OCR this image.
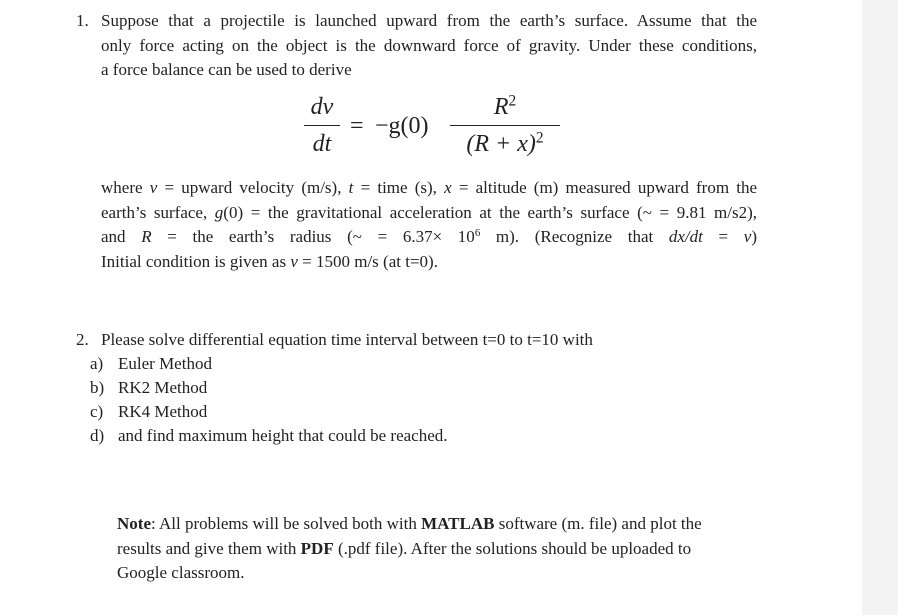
1. Suppose that a projectile is launched upward from the earth’s surface. Assume that the

only force acting on the object is the downward force of gravity. Under these conditions,

a force balance can be used to derive

dv
dt
= −g(0)
$R^2$
$(R + x)^2$

where v = upward velocity (m/s), t = time (s), x = altitude (m) measured upward from the

earth’s surface, g(0) = the gravitational acceleration at the earth’s surface (~ = 9.81 m/s2),

and R = the earth’s radius (~ = $6.37\times 10^6$ m). (Recognize that dx/dt = v)

Initial condition is given as v = 1500 m/s (at t=0).

2. Please solve differential equation time interval between t=0 to t=10 with
a) Euler Method
b) RK2 Method
c) RK4 Method
d) and find maximum height that could be reached.
Note: All problems will be solved both with MATLAB software (m. file) and plot the
results and give them with PDF (.pdf file). After the solutions should be uploaded to
Google classroom.
